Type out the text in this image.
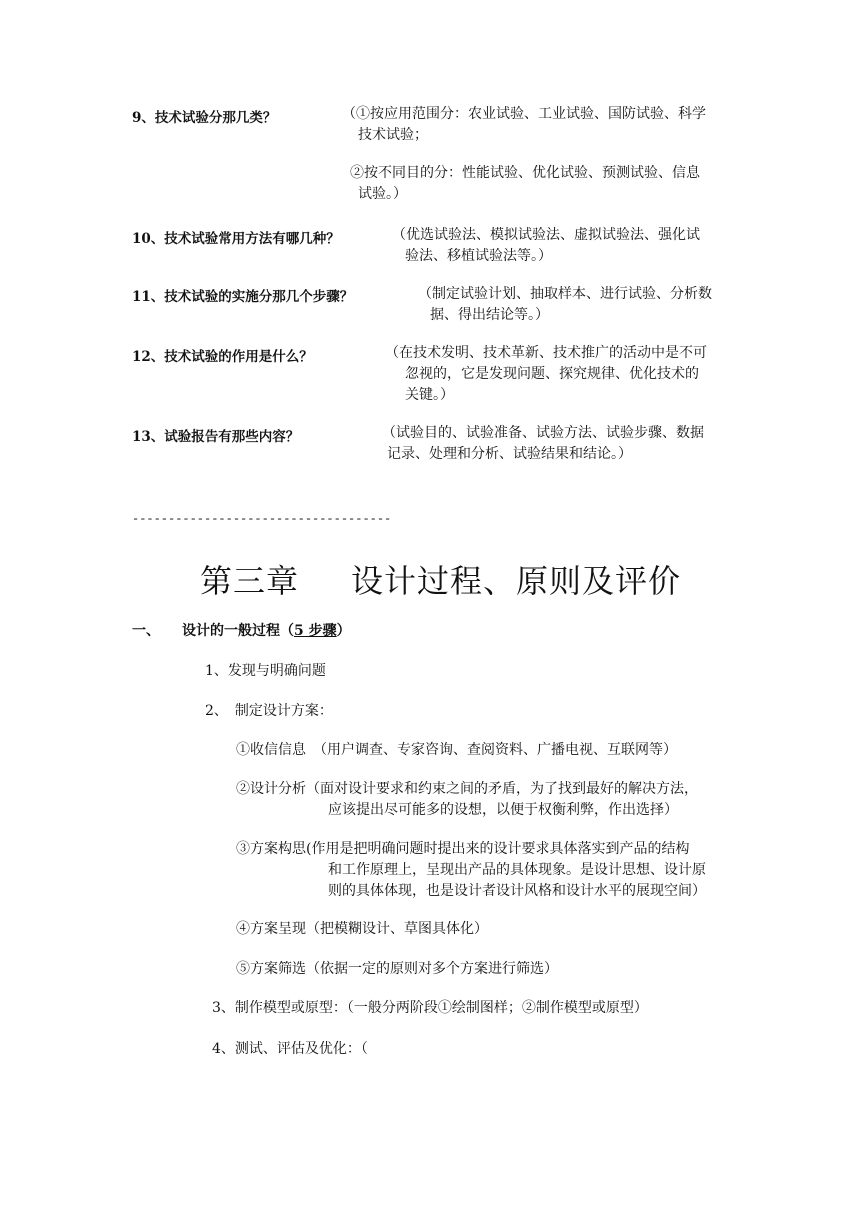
9、技术试验分那几类？	（①按应用范围分：农业试验、工业试验、国防试验、科学
技术试验；
②按不同目的分：性能试验、优化试验、预测试验、信息
试验。）
10、技术试验常用方法有哪几种？	（优选试验法、模拟试验法、虚拟试验法、强化试
验法、移植试验法等。）
11、技术试验的实施分那几个步骤？	（制定试验计划、抽取样本、进行试验、分析数
据、得出结论等。）
12、技术试验的作用是什么？	（在技术发明、技术革新、技术推广的活动中是不可
忽视的，它是发现问题、探究规律、优化技术的
关键。）
13、试验报告有那些内容？	（试验目的、试验准备、试验方法、试验步骤、数据
记录、处理和分析、试验结果和结论。）
------------------------------------
第三章 设计过程、原则及评价
一、 设计的一般过程（5 步骤）
1、发现与明确问题
2、　制定设计方案：
①收信信息　（用户调查、专家咨询、查阅资料、广播电视、互联网等）
②设计分析（面对设计要求和约束之间的矛盾，为了找到最好的解决方法，
应该提出尽可能多的设想，以便于权衡利弊，作出选择）
③方案构思(作用是把明确问题时提出来的设计要求具体落实到产品的结构
和工作原理上，呈现出产品的具体现象。是设计思想、设计原
则的具体体现，也是设计者设计风格和设计水平的展现空间）
④方案呈现（把模糊设计、草图具体化）
⑤方案筛选（依据一定的原则对多个方案进行筛选）
3、制作模型或原型：（一般分两阶段①绘制图样；②制作模型或原型）
4、测试、评估及优化：（
